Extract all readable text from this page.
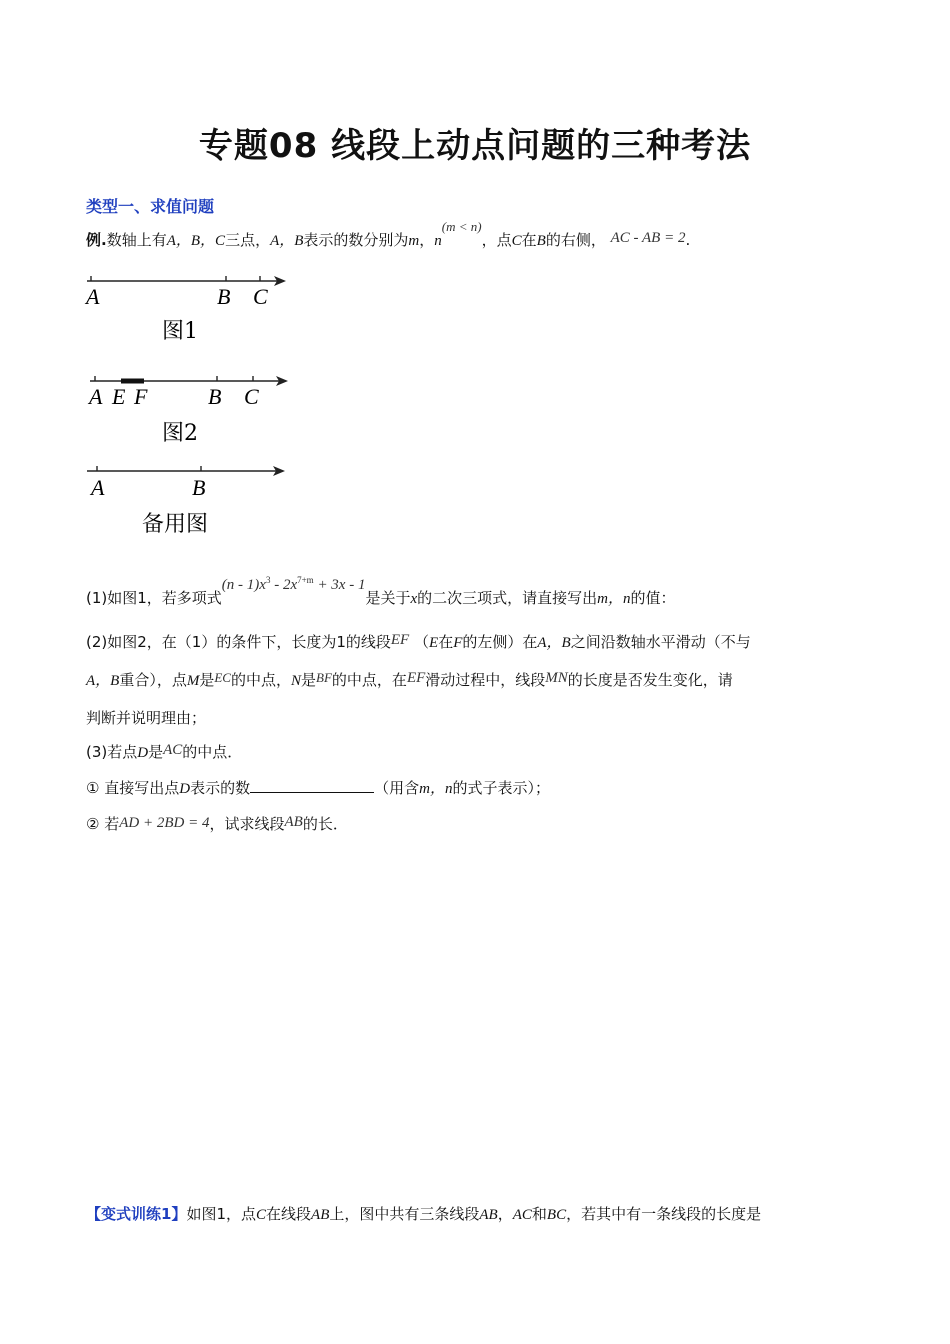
专题08 线段上动点问题的三种考法
类型一、求值问题
例.数轴上有A，B，C三点，A，B表示的数分别为m，n(m < n)，点C在B的右侧， AC - AB = 2.
A	B C
图1
A E F	B C
图2
A	B
备用图
(1)如图1，若多项式$(n - 1)x^3 - 2x^{7+m} + 3x - 1$是关于x的二次三项式，请直接写出m，n的值：
(2)如图2，在（1）的条件下，长度为1的线段EF （E在F的左侧）在A，B之间沿数轴水平滑动（不与
A，B重合），点M是EC的中点，N是BF的中点，在EF滑动过程中，线段MN的长度是否发生变化，请
判断并说明理由；
(3)若点D是AC的中点．
① 直接写出点D表示的数	（用含m，n的式子表示）；
② 若AD + 2BD = 4，试求线段AB的长．
【变式训练1】如图1，点C在线段AB上，图中共有三条线段AB，AC和BC，若其中有一条线段的长度是
